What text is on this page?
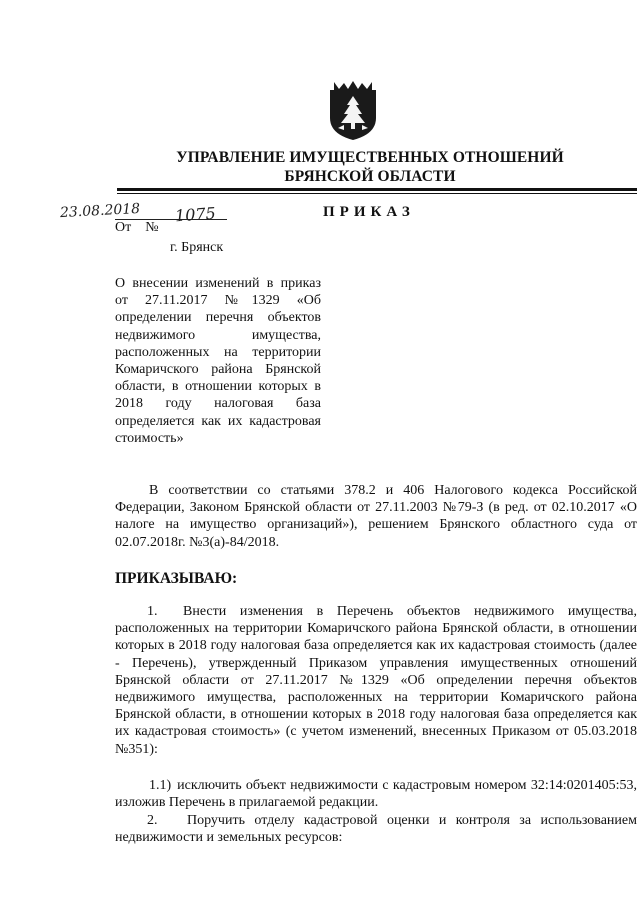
УПРАВЛЕНИЕ ИМУЩЕСТВЕННЫХ ОТНОШЕНИЙ
БРЯНСКОЙ ОБЛАСТИ
ПРИКАЗ
23.08.2018 1075
От №
г. Брянск
О внесении изменений в приказ от 27.11.2017 №1329 «Об определении перечня объектов недвижимого имущества, расположенных на территории Комаричского района Брянской области, в отношении которых в 2018 году налоговая база определяется как их кадастровая стоимость»
В соответствии со статьями 378.2 и 406 Налогового кодекса Российской Федерации, Законом Брянской области от 27.11.2003 №79-З (в ред. от 02.10.2017 «О налоге на имущество организаций»), решением Брянского областного суда от 02.07.2018г. №3(а)-84/2018.
ПРИКАЗЫВАЮ:
1. Внести изменения в Перечень объектов недвижимого имущества, расположенных на территории Комаричского района Брянской области, в отношении которых в 2018 году налоговая база определяется как их кадастровая стоимость (далее - Перечень), утвержденный Приказом управления имущественных отношений Брянской области от 27.11.2017 №1329 «Об определении перечня объектов недвижимого имущества, расположенных на территории Комаричского района Брянской области, в отношении которых в 2018 году налоговая база определяется как их кадастровая стоимость» (с учетом изменений, внесенных Приказом от 05.03.2018 №351):
1.1) исключить объект недвижимости с кадастровым номером 32:14:0201405:53, изложив Перечень в прилагаемой редакции.
2. Поручить отделу кадастровой оценки и контроля за использованием недвижимости и земельных ресурсов:
